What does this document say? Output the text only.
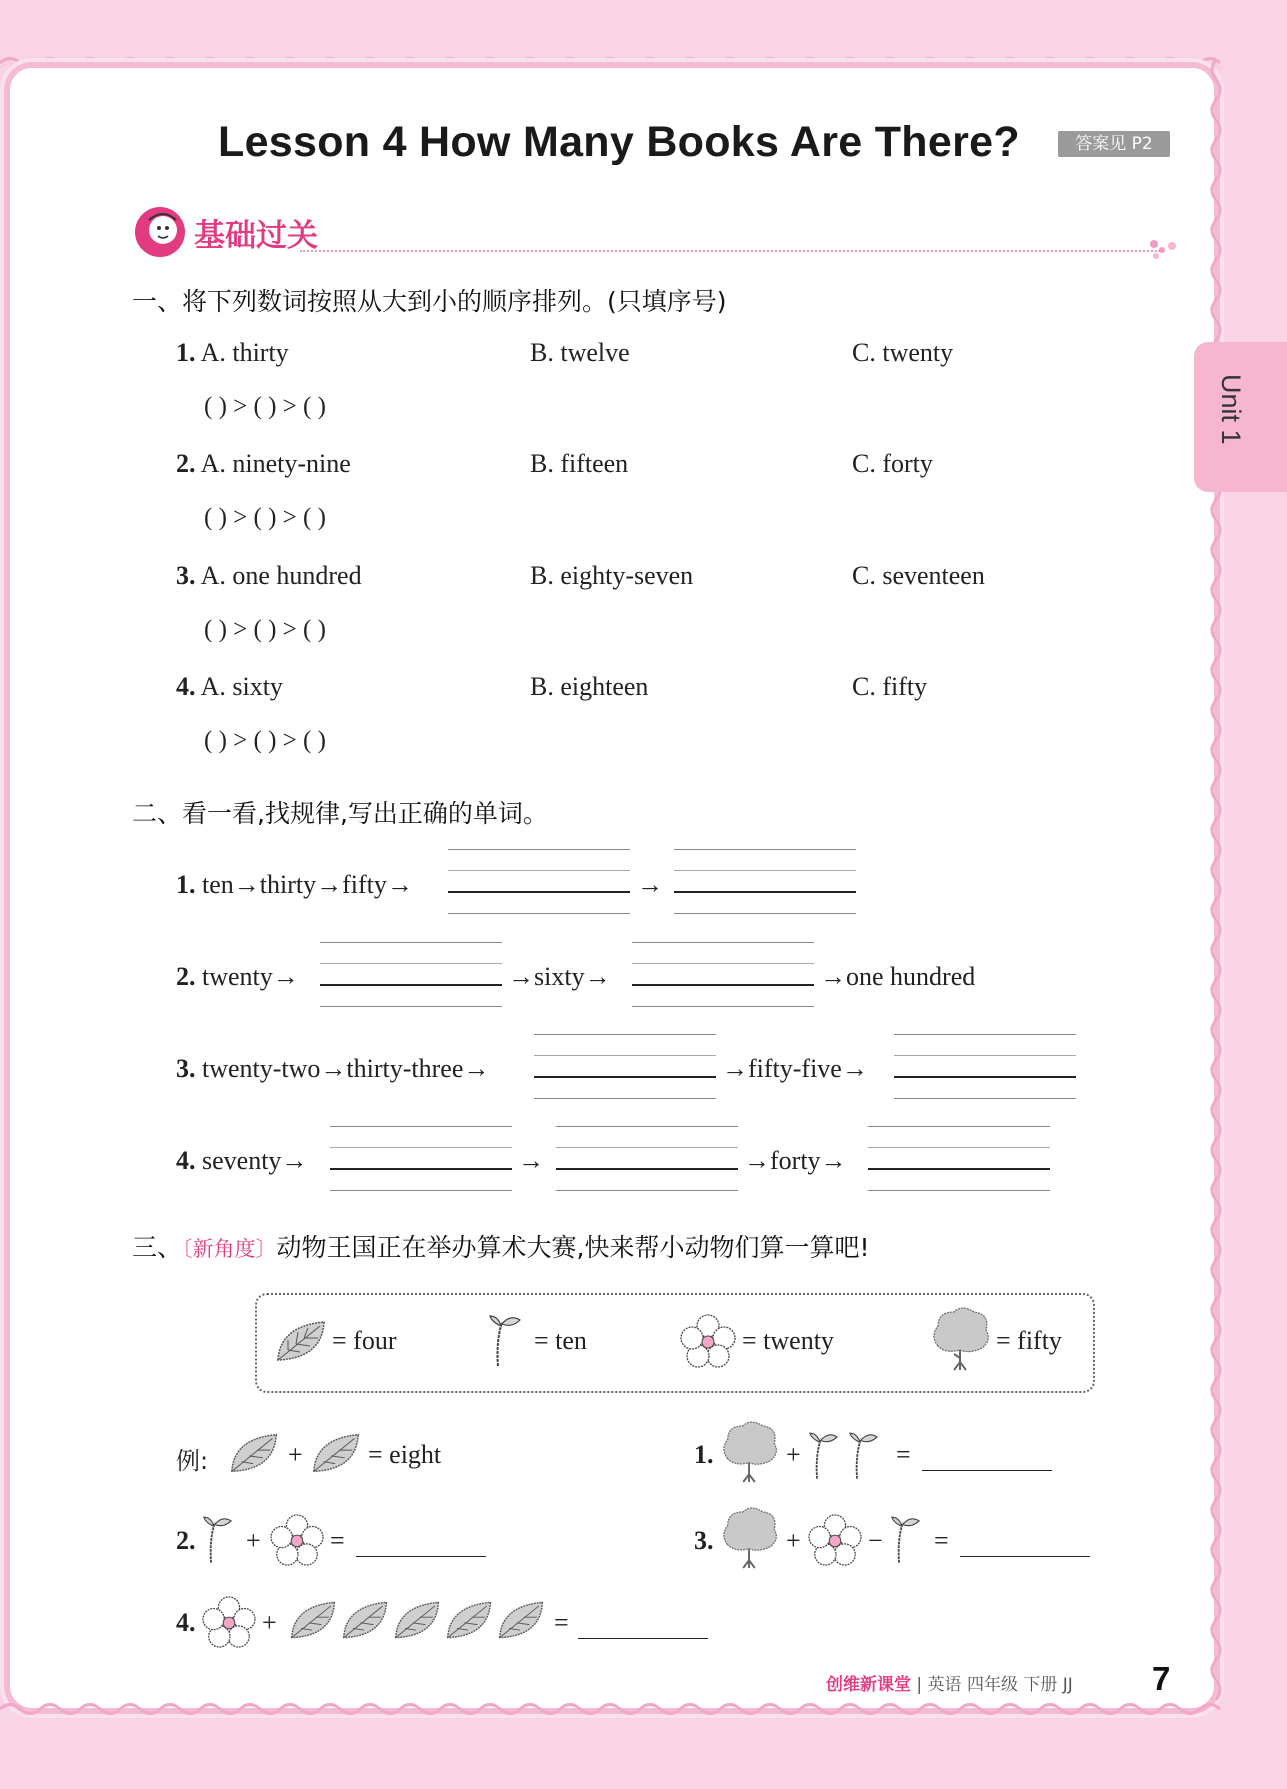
Lesson 4 How Many Books Are There?	答案见 P2
Unit 1
基础过关
一、将下列数词按照从大到小的顺序排列。(只填序号)
1. A. thirty	B. twelve	C. twenty
( ) > ( ) > ( )
2. A. ninety-nine	B. fifteen	C. forty
( ) > ( ) > ( )
3. A. one hundred	B. eighty-seven	C. seventeen
( ) > ( ) > ( )
4. A. sixty	B. eighteen	C. fifty
( ) > ( ) > ( )
二、看一看,找规律,写出正确的单词。
1. ten→thirty→fifty→	→
2. twenty→	→sixty→	→one hundred
3. twenty-two→thirty-three→	→fifty-five→
4. seventy→	→	→forty→
三、〔新角度〕动物王国正在举办算术大赛,快来帮小动物们算一算吧!
= four	= ten	= twenty	= fifty
例:	+	= eight	1.	+	=
2. +	=	3.	+	− =
4.	+	=
创维新课堂 | 英语 四年级 下册 JJ 7
